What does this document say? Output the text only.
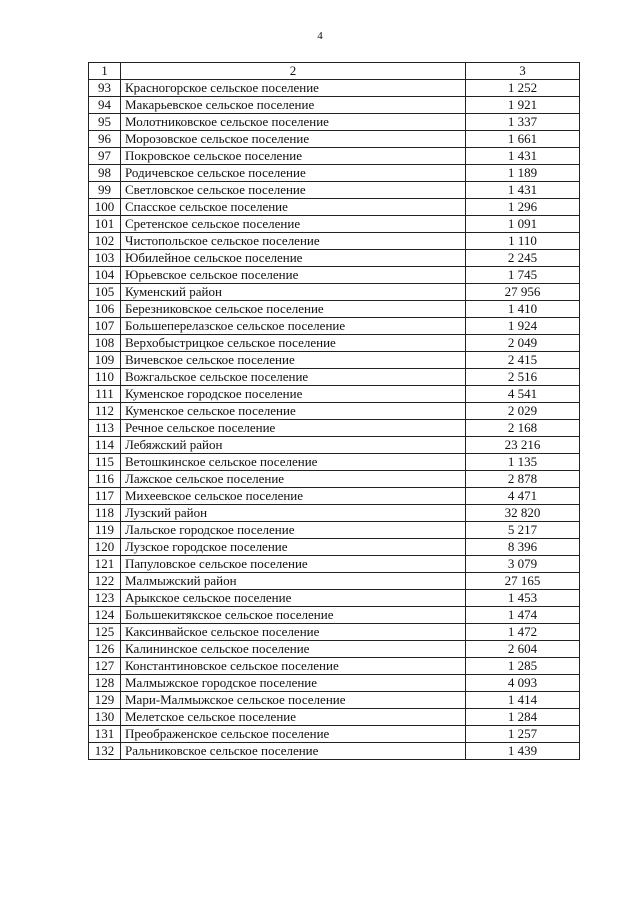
4
1	2	3
93	Красногорское сельское поселение	1 252
94	Макарьевское сельское поселение	1 921
95	Молотниковское сельское поселение	1 337
96	Морозовское сельское поселение	1 661
97	Покровское сельское поселение	1 431
98	Родичевское сельское поселение	1 189
99	Светловское сельское поселение	1 431
100	Спасское сельское поселение	1 296
101	Сретенское сельское поселение	1 091
102	Чистопольское сельское поселение	1 110
103	Юбилейное сельское поселение	2 245
104	Юрьевское сельское поселение	1 745
105	Куменский район	27 956
106	Березниковское сельское поселение	1 410
107	Большеперелазское сельское поселение	1 924
108	Верхобыстрицкое сельское поселение	2 049
109	Вичевское сельское поселение	2 415
110	Вожгальское сельское поселение	2 516
111	Куменское городское поселение	4 541
112	Куменское сельское поселение	2 029
113	Речное сельское поселение	2 168
114	Лебяжский район	23 216
115	Ветошкинское сельское поселение	1 135
116	Лажское сельское поселение	2 878
117	Михеевское сельское поселение	4 471
118	Лузский район	32 820
119	Лальское городское поселение	5 217
120	Лузское городское поселение	8 396
121	Папуловское сельское поселение	3 079
122	Малмыжский район	27 165
123	Арыкское сельское поселение	1 453
124	Большекитякское сельское поселение	1 474
125	Каксинвайское сельское поселение	1 472
126	Калининское сельское поселение	2 604
127	Константиновское сельское поселение	1 285
128	Малмыжское городское поселение	4 093
129	Мари-Малмыжское сельское поселение	1 414
130	Мелетское сельское поселение	1 284
131	Преображенское сельское поселение	1 257
132	Ральниковское сельское поселение	1 439
